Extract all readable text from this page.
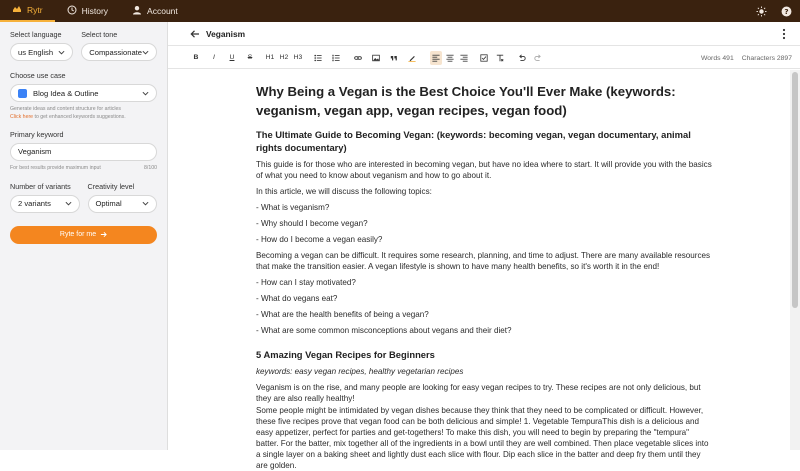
Rytr	History	Account	?
Select language
us English
Select tone
Compassionate
Choose use case
Blog Idea & Outline
Generate ideas and content structure for articles
Click here to get enhanced keywords suggestions.
Primary keyword
Veganism
For best results provide maximum input	8/100
Number of variants
2 variants
Creativity level
Optimal
Ryte for me
Veganism
B	I	U	S	H1 H2 H3	Words 491 Characters 2897
Why Being a Vegan is the Best Choice You'll Ever Make (keywords: veganism, vegan app, vegan recipes, vegan food)
The Ultimate Guide to Becoming Vegan: (keywords: becoming vegan, vegan documentary, animal rights documentary)
This guide is for those who are interested in becoming vegan, but have no idea where to start. It will provide you with the basics of what you need to know about veganism and how to go about it.
In this article, we will discuss the following topics:
- What is veganism?
- Why should I become vegan?
- How do I become a vegan easily?
Becoming a vegan can be difficult. It requires some research, planning, and time to adjust. There are many available resources that make the transition easier. A vegan lifestyle is shown to have many health benefits, so it's worth it in the end!
- How can I stay motivated?
- What do vegans eat?
- What are the health benefits of being a vegan?
- What are some common misconceptions about vegans and their diet?
5 Amazing Vegan Recipes for Beginners
keywords: easy vegan recipes, healthy vegetarian recipes
Veganism is on the rise, and many people are looking for easy vegan recipes to try. These recipes are not only delicious, but they are also really healthy!
Some people might be intimidated by vegan dishes because they think that they need to be complicated or difficult. However, these five recipes prove that vegan food can be both delicious and simple! 1. Vegetable TempuraThis dish is a delicious and easy appetizer, perfect for parties and get-togethers! To make this dish, you will need to begin by preparing the "tempura" batter. For the batter, mix together all of the ingredients in a bowl until they are well combined. Then place vegetable slices into a single layer on a baking sheet and lightly dust each slice with flour. Dip each slice in the batter and deep fry them until they are golden.
